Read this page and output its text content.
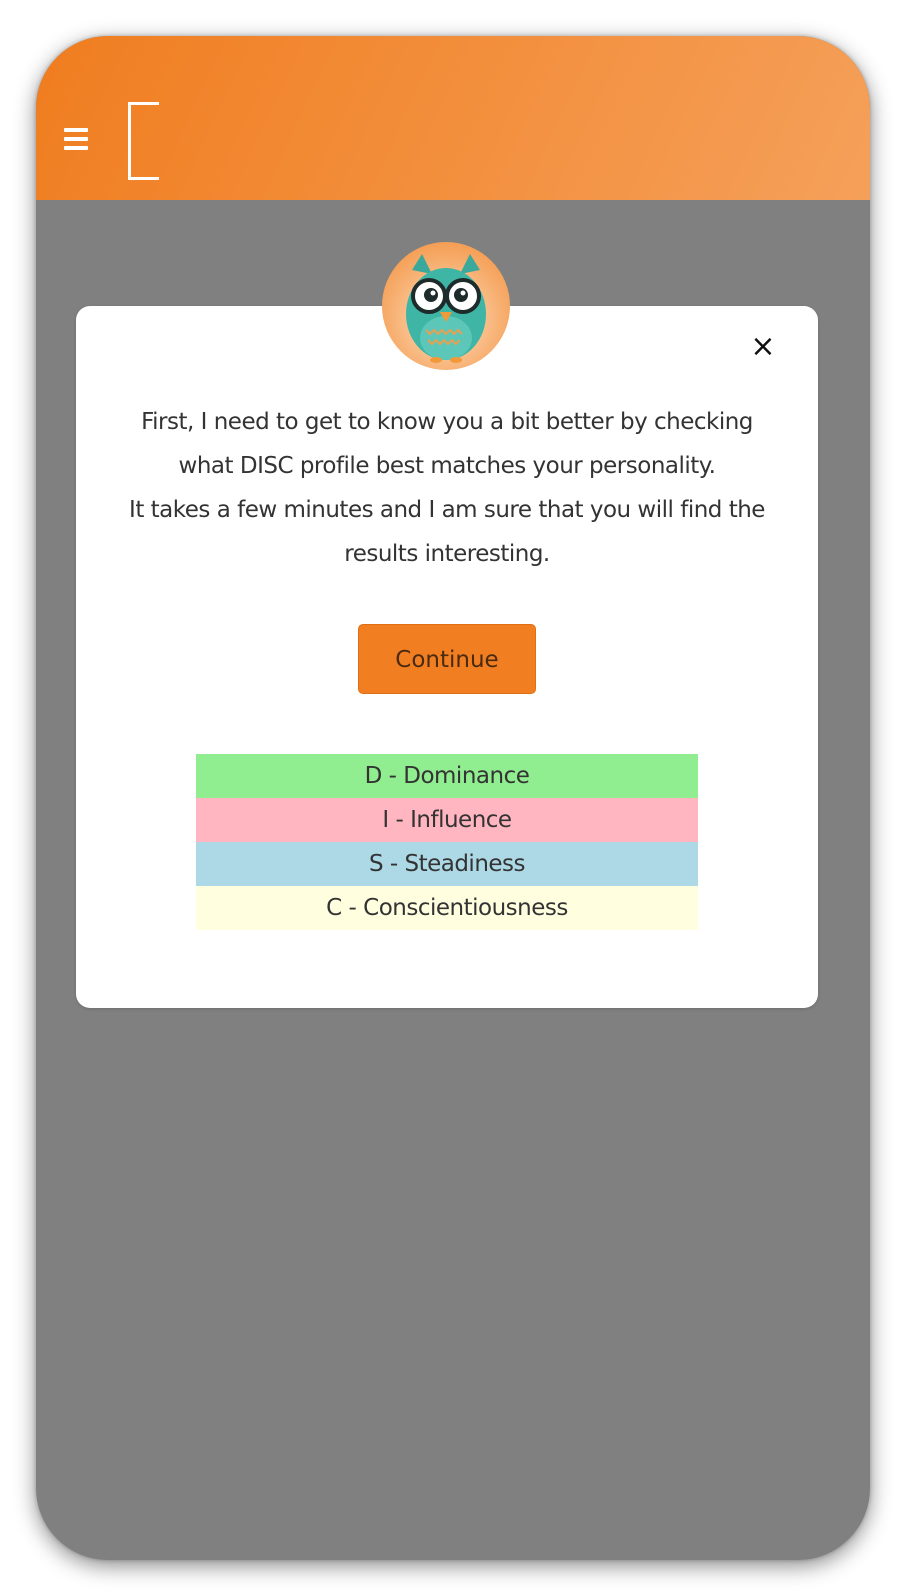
First, I need to get to know you a bit better by checking what DISC profile best matches your personality.

It takes a few minutes and I am sure that you will find the results interesting.

Continue
D - Dominance
I - Influence
S - Steadiness
C - Conscientiousness
×
